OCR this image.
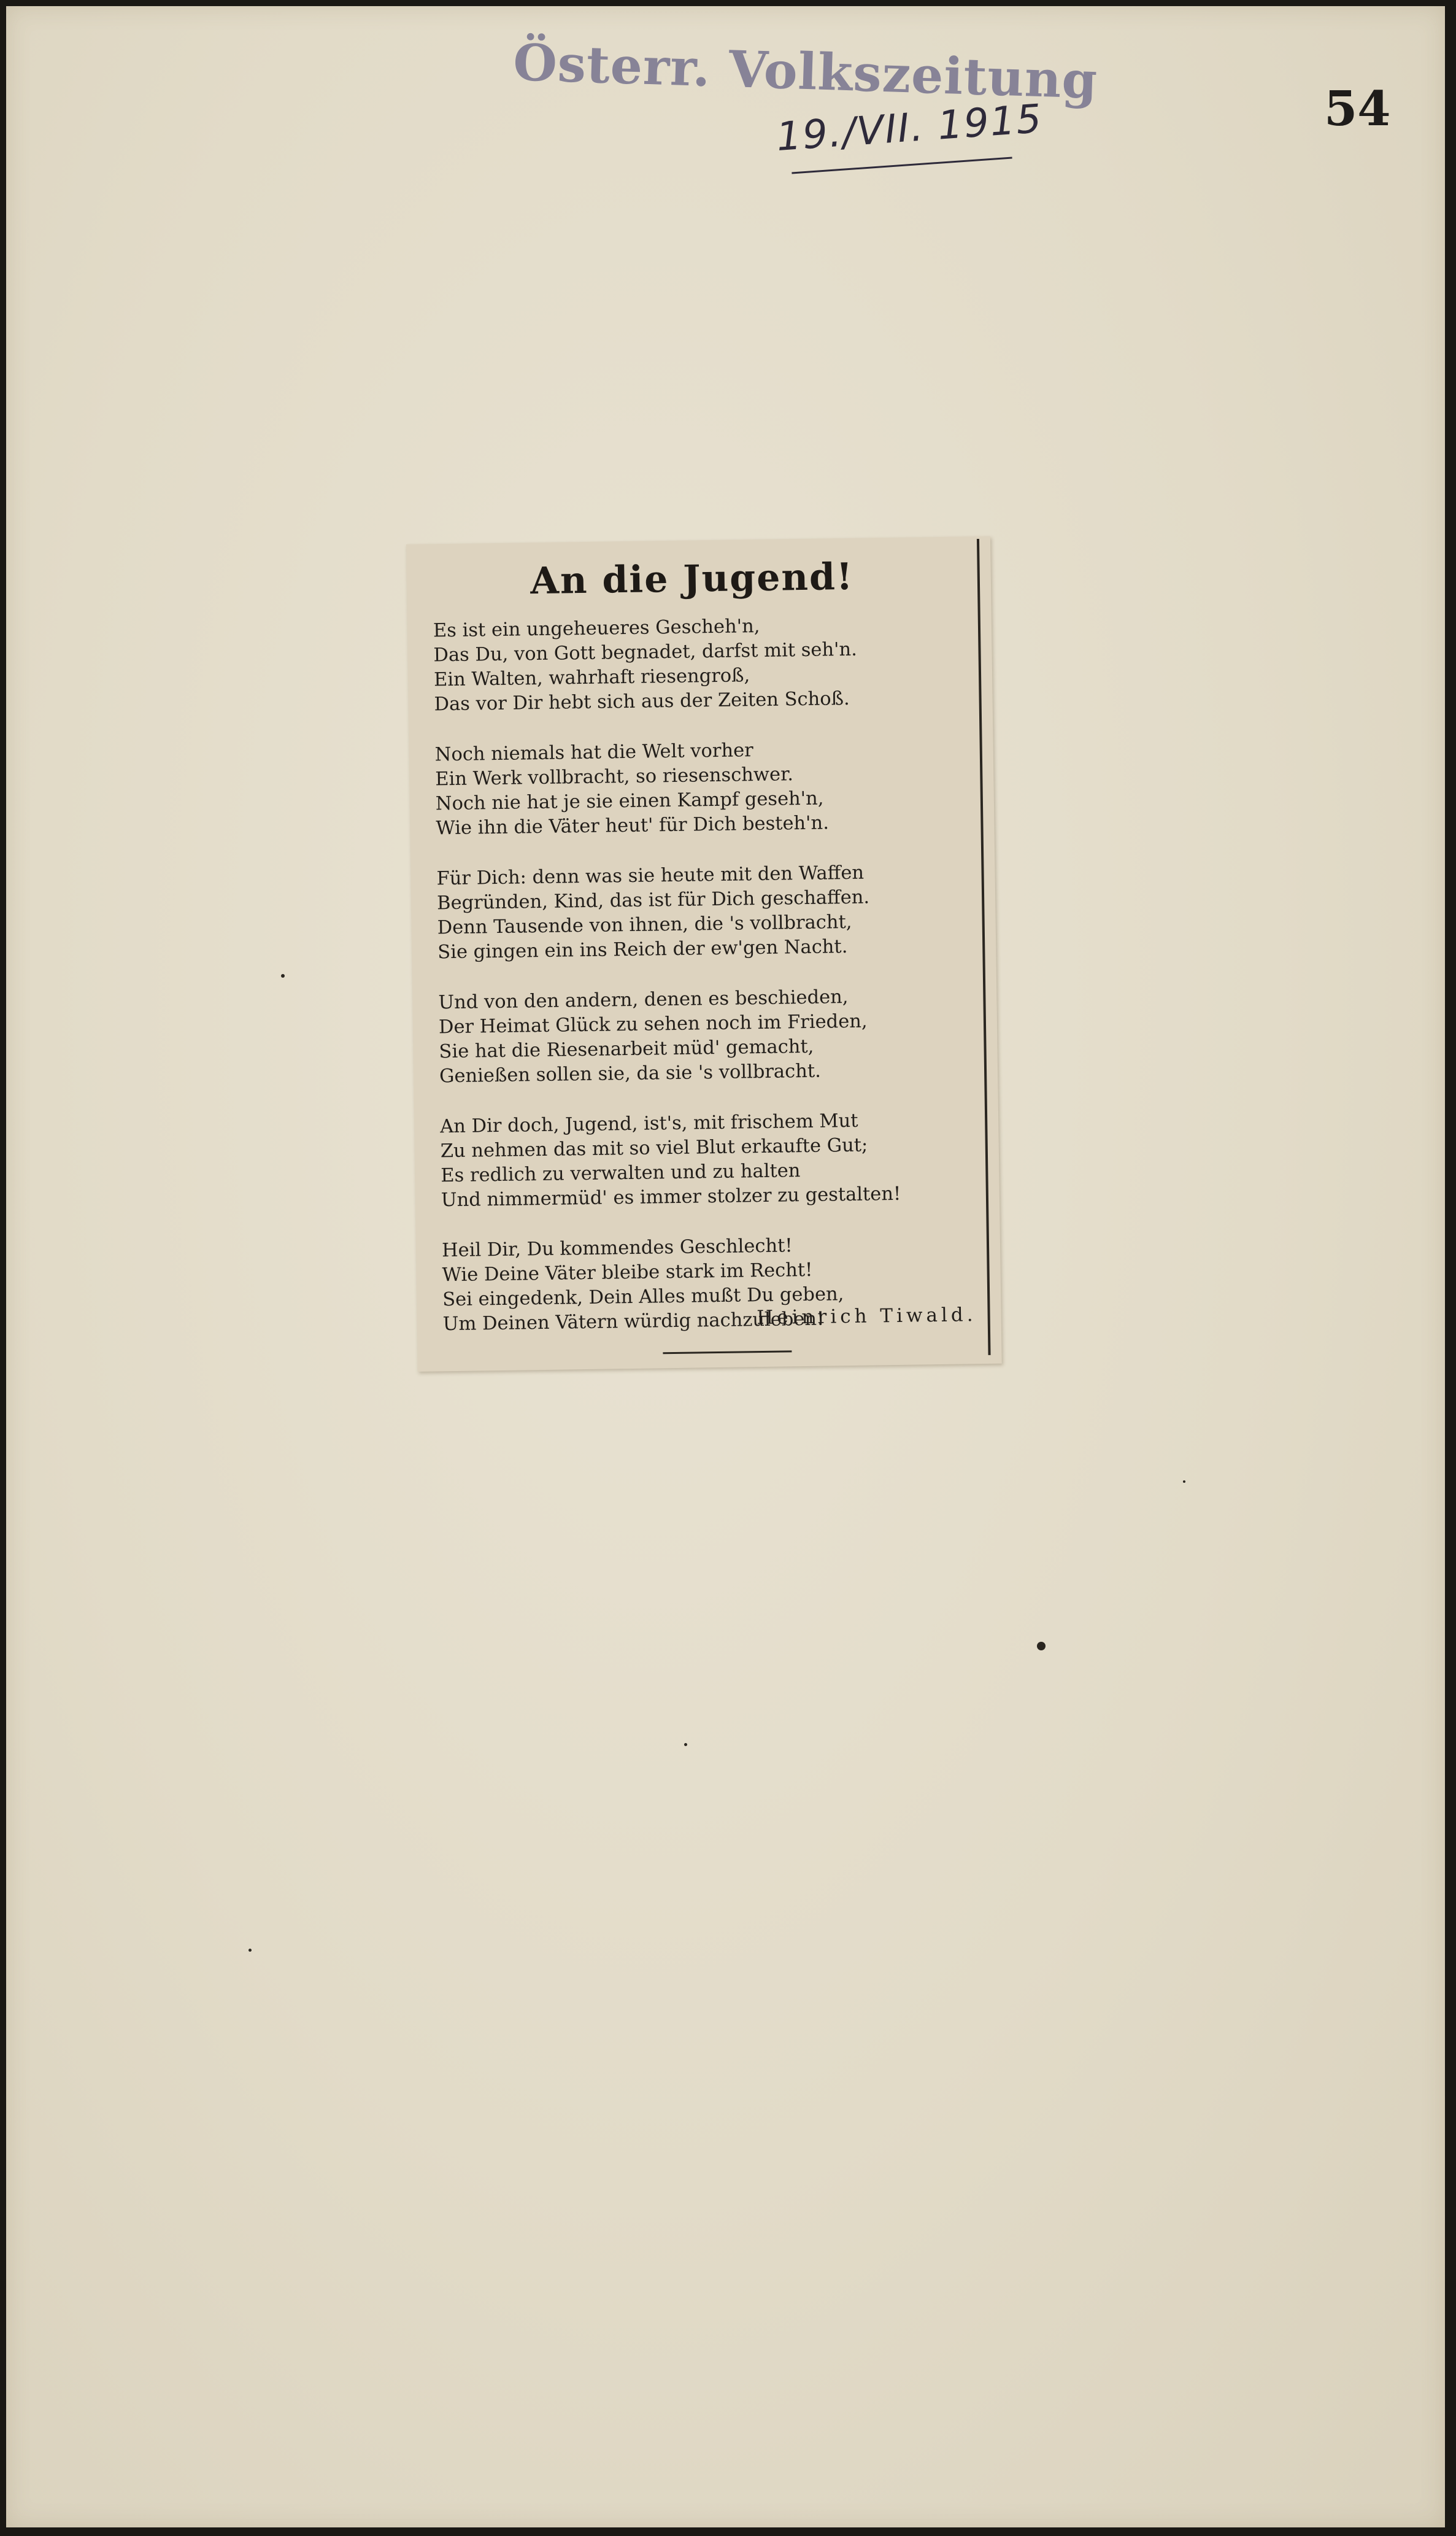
Österr. Volkszeitung
19./VII. 1915	54
An die Jugend!
Es ist ein ungeheueres Gescheh'n,
Das Du, von Gott begnadet, darfst mit seh'n.
Ein Walten, wahrhaft riesengroß,
Das vor Dir hebt sich aus der Zeiten Schoß.
Noch niemals hat die Welt vorher
Ein Werk vollbracht, so riesenschwer.
Noch nie hat je sie einen Kampf geseh'n,
Wie ihn die Väter heut' für Dich besteh'n.
Für Dich: denn was sie heute mit den Waffen
Begründen, Kind, das ist für Dich geschaffen.
Denn Tausende von ihnen, die 's vollbracht,
Sie gingen ein ins Reich der ew'gen Nacht.
Und von den andern, denen es beschieden,
Der Heimat Glück zu sehen noch im Frieden,
Sie hat die Riesenarbeit müd' gemacht,
Genießen sollen sie, da sie 's vollbracht.
An Dir doch, Jugend, ist's, mit frischem Mut
Zu nehmen das mit so viel Blut erkaufte Gut;
Es redlich zu verwalten und zu halten
Und nimmermüd' es immer stolzer zu gestalten!
Heil Dir, Du kommendes Geschlecht!
Wie Deine Väter bleibe stark im Recht!
Sei eingedenk, Dein Alles mußt Du geben,
Um Deinen Vätern würdig nachzuleben!
Heinrich Tiwald.
